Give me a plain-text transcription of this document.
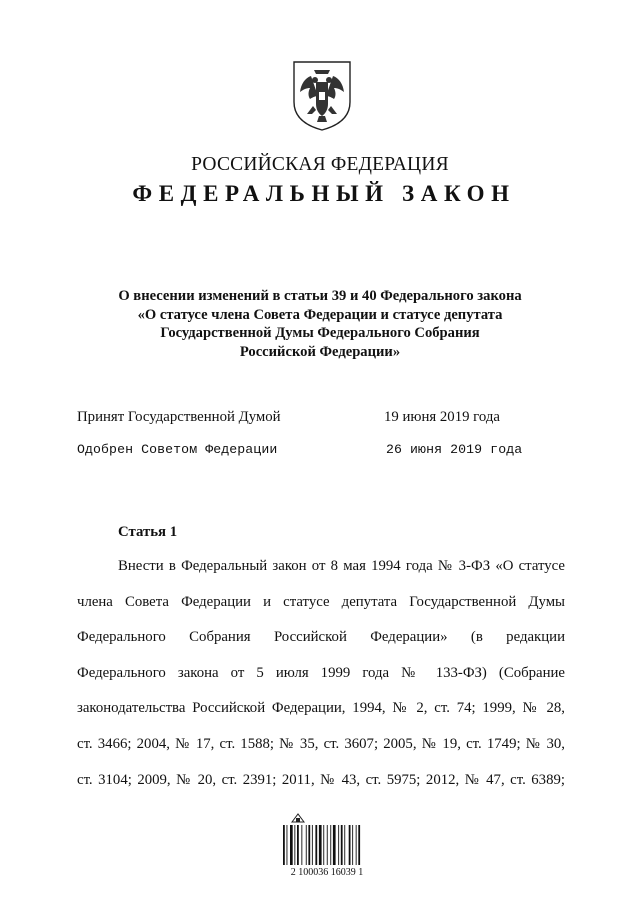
РОССИЙСКАЯ ФЕДЕРАЦИЯ
ФЕДЕРАЛЬНЫЙ ЗАКОН
О внесении изменений в статьи 39 и 40 Федерального закона
«О статусе члена Совета Федерации и статусе депутата
Государственной Думы Федерального Собрания
Российской Федерации»
Принят Государственной Думой	19 июня 2019 года
Одобрен Советом Федерации	26 июня 2019 года
Статья 1
Внести в Федеральный закон от 8 мая 1994 года № 3-ФЗ «О статусе
члена Совета Федерации и статусе депутата Государственной Думы
Федерального Собрания Российской Федерации» (в редакции
Федерального закона от 5 июля 1999 года № 133-ФЗ) (Собрание
законодательства Российской Федерации, 1994, № 2, ст. 74; 1999, № 28,
ст. 3466; 2004, № 17, ст. 1588; № 35, ст. 3607; 2005, № 19, ст. 1749; № 30,
ст. 3104; 2009, № 20, ст. 2391; 2011, № 43, ст. 5975; 2012, № 47, ст. 6389;
2 100036 16039 1
